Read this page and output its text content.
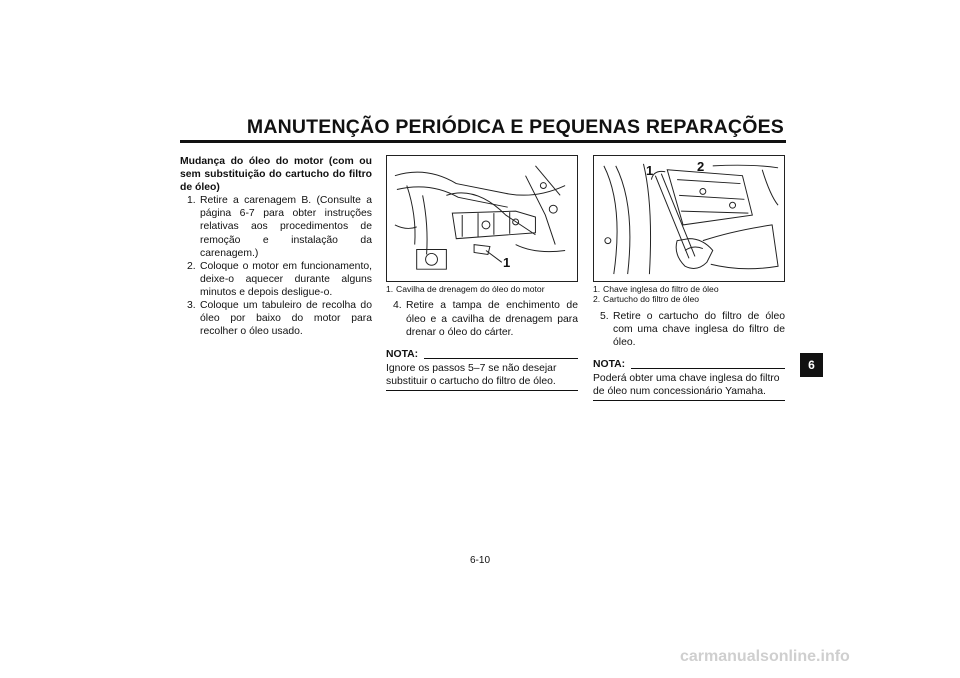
MANUTENÇÃO PERIÓDICA E PEQUENAS REPARAÇÕES

Mudança do óleo do motor (com ou sem substituição do cartucho do filtro de óleo)

1. Retire a carenagem B. (Consulte a página 6-7 para obter instruções relativas aos procedimentos de remoção e instalação da carenagem.)
2. Coloque o motor em funcionamento, deixe-o aquecer durante alguns minutos e depois desligue-o.
3. Coloque um tabuleiro de recolha do óleo por baixo do motor para recolher o óleo usado.
1
1. Cavilha de drenagem do óleo do motor
4. Retire a tampa de enchimento de óleo e a cavilha de drenagem para drenar o óleo do cárter.
NOTA:
Ignore os passos 5–7 se não desejar substituir o cartucho do filtro de óleo.
1	2
1. Chave inglesa do filtro de óleo
2. Cartucho do filtro de óleo
5. Retire o cartucho do filtro de óleo com uma chave inglesa do filtro de óleo.
NOTA:
Poderá obter uma chave inglesa do filtro de óleo num concessionário Yamaha.
6
6-10
carmanualsonline.info
